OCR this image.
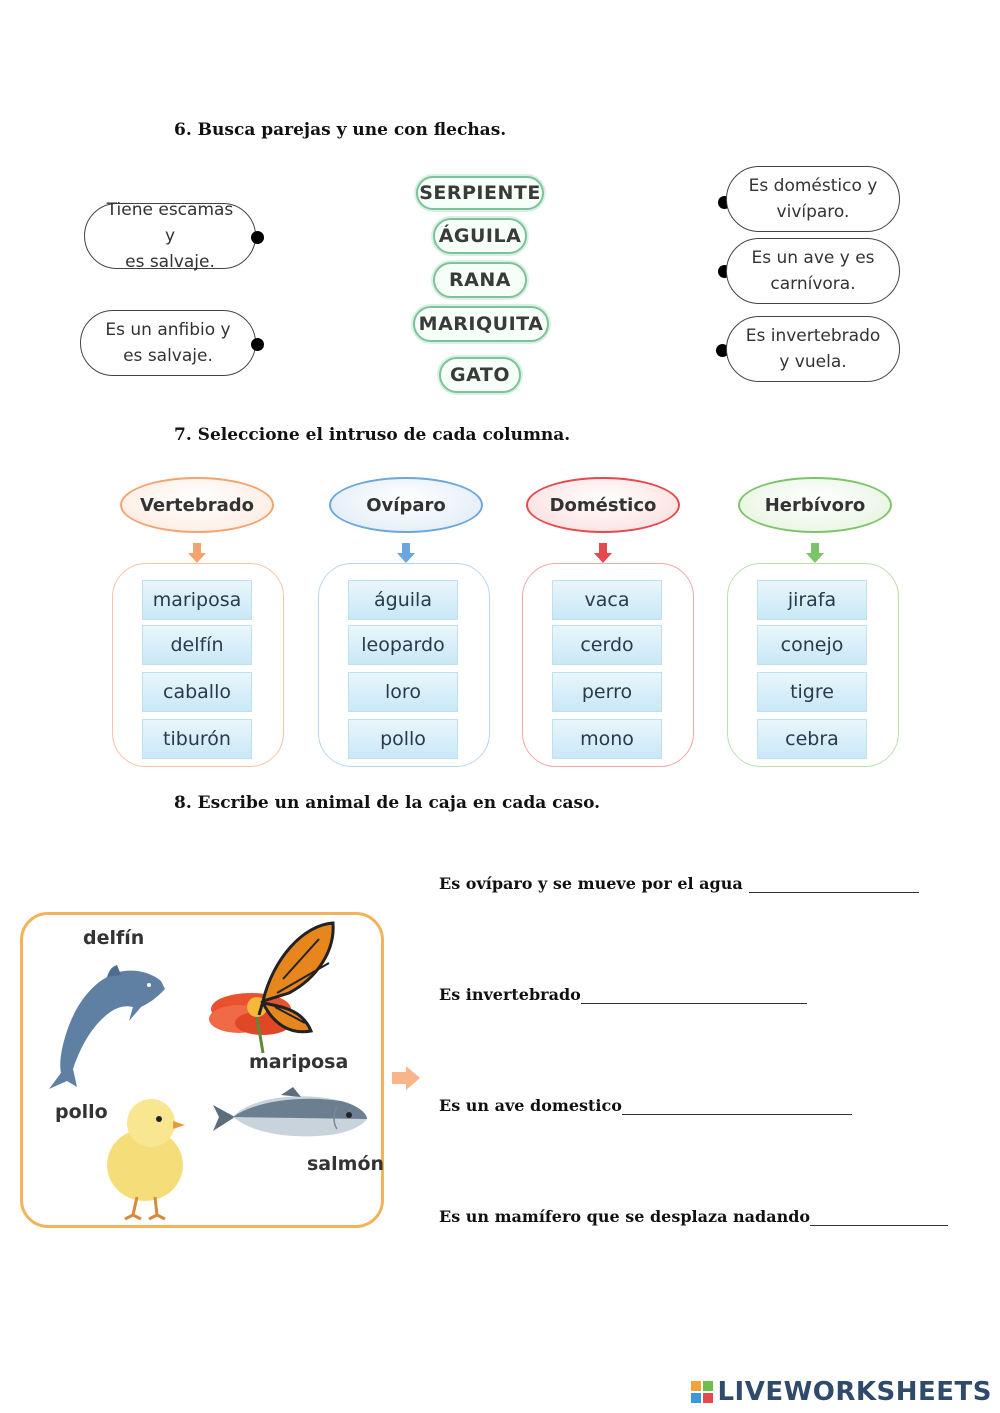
6. Busca parejas y une con flechas.
Tiene escamas y
es salvaje.
Es un anfibio y
es salvaje.
SERPIENTE
ÁGUILA
RANA
MARIQUITA
GATO
Es doméstico y
vivíparo.
Es un ave y es
carnívora.
Es invertebrado
y vuela.
7. Seleccione el intruso de cada columna.
Vertebrado
mariposa
delfín
caballo
tiburón
Ovíparo
águila
leopardo
loro
pollo
Doméstico
vaca
cerdo
perro
mono
Herbívoro
jirafa
conejo
tigre
cebra
8. Escribe un animal de la caja en cada caso.
delfín
mariposa
pollo
salmón
Es ovíparo y se mueve por el agua
Es invertebrado
Es un ave domestico
Es un mamífero que se desplaza nadando
LIVEWORKSHEETS
